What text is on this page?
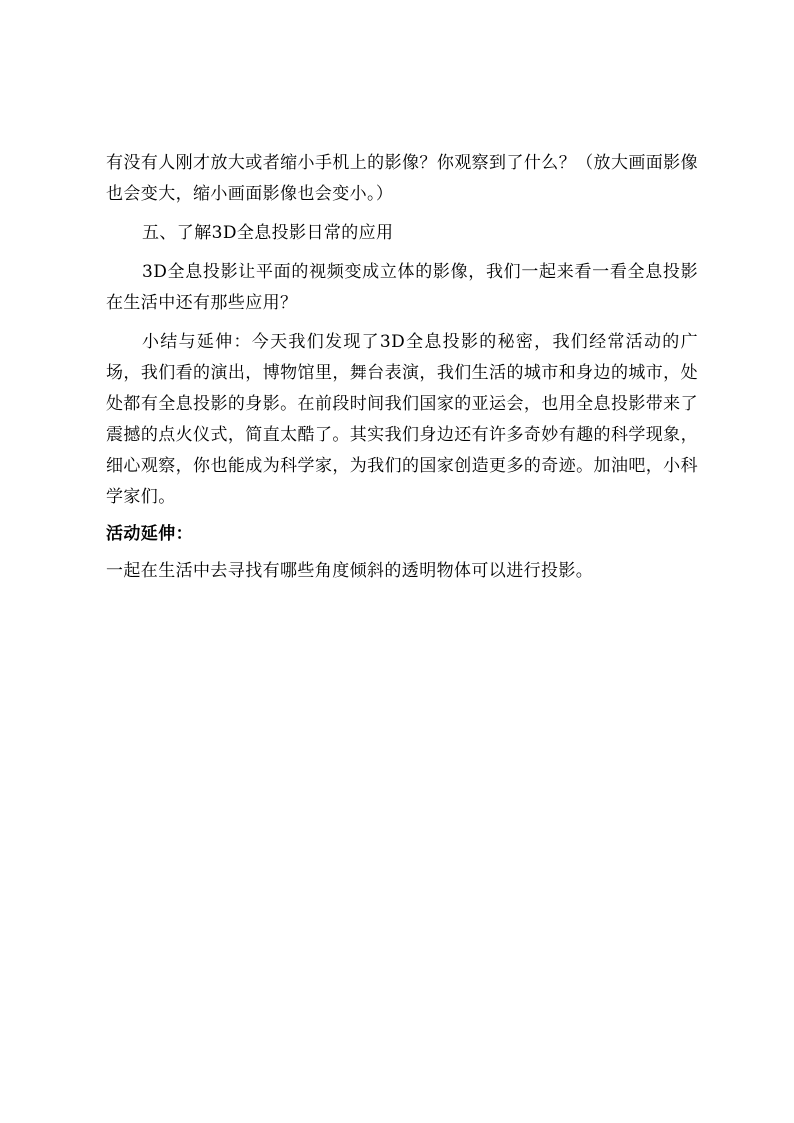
有没有人刚才放大或者缩小手机上的影像？你观察到了什么？（放大画面影像也会变大，缩小画面影像也会变小。）

五、了解3D全息投影日常的应用

3D全息投影让平面的视频变成立体的影像，我们一起来看一看全息投影在生活中还有那些应用？

小结与延伸：今天我们发现了3D全息投影的秘密，我们经常活动的广场，我们看的演出，博物馆里，舞台表演，我们生活的城市和身边的城市，处处都有全息投影的身影。在前段时间我们国家的亚运会，也用全息投影带来了震撼的点火仪式，简直太酷了。其实我们身边还有许多奇妙有趣的科学现象，细心观察，你也能成为科学家，为我们的国家创造更多的奇迹。加油吧，小科学家们。

活动延伸：

一起在生活中去寻找有哪些角度倾斜的透明物体可以进行投影。
